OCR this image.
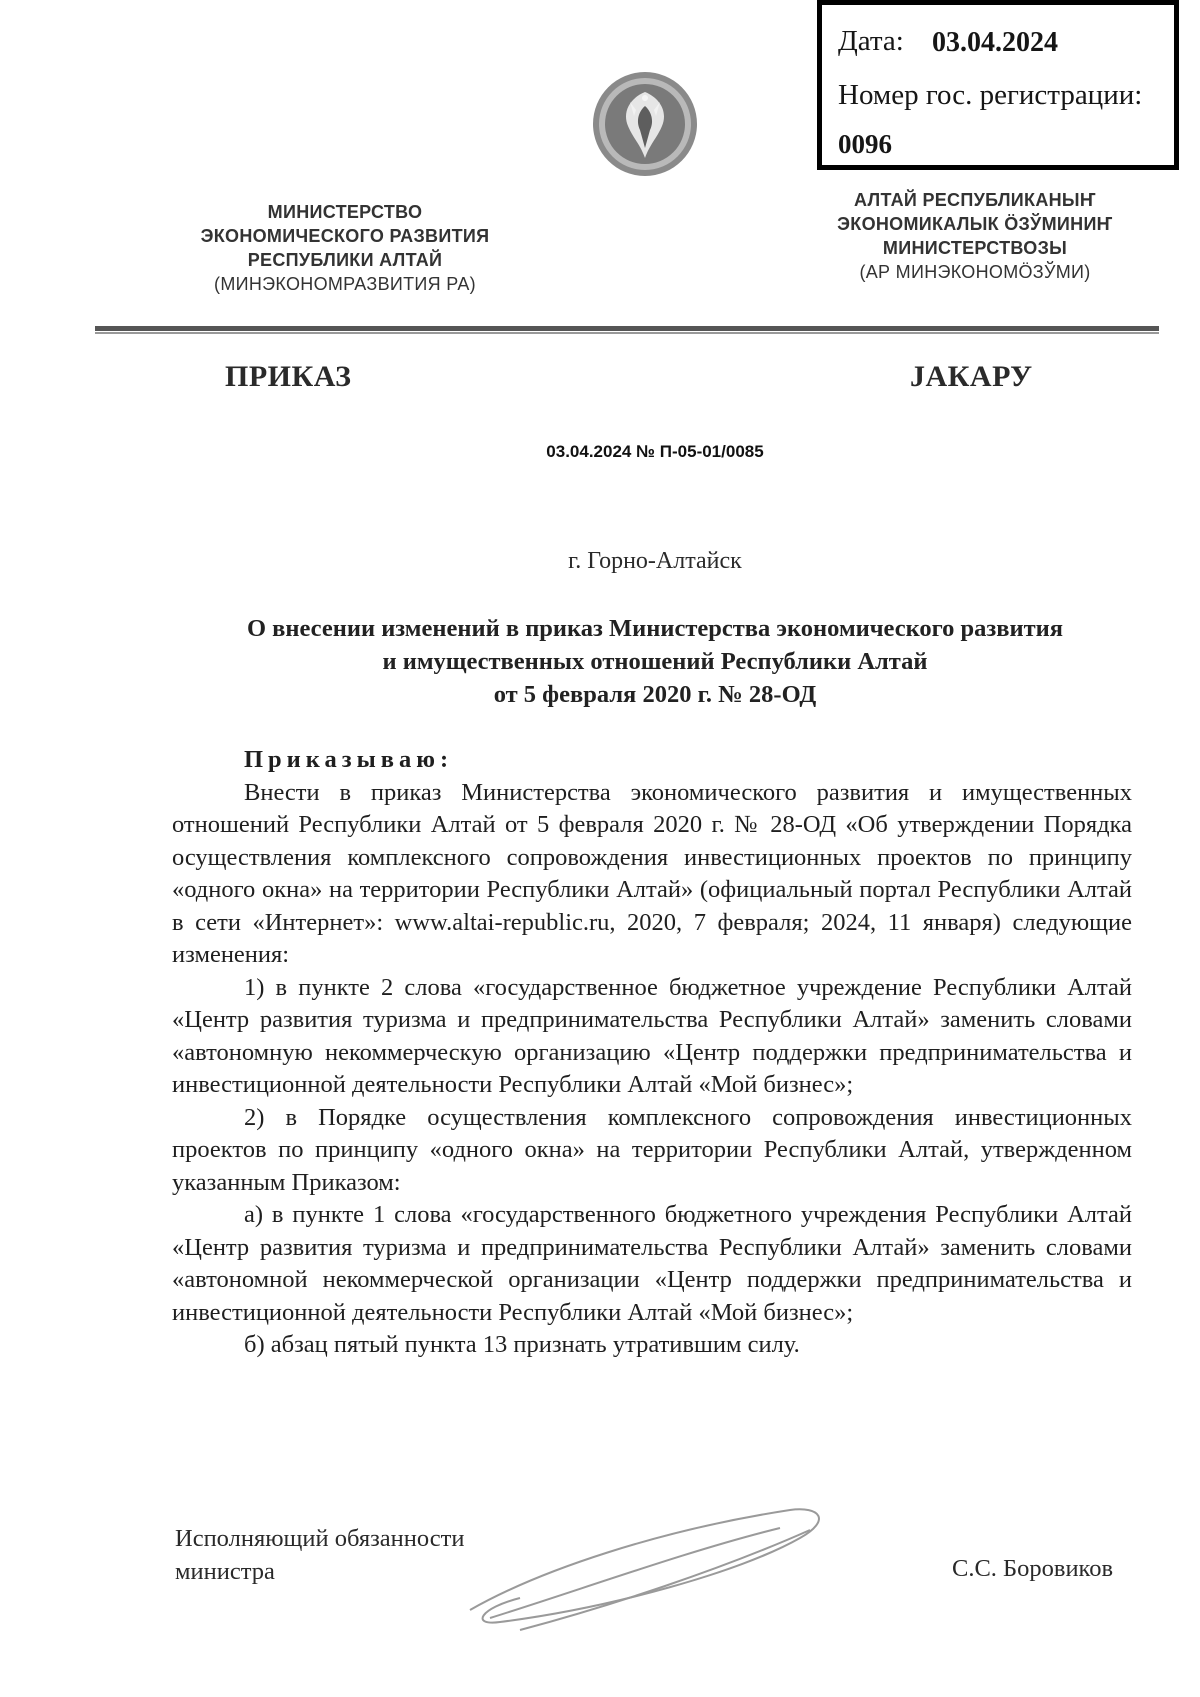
Дата: 03.04.2024
Номер гос. регистрации:
0096
МИНИСТЕРСТВО
ЭКОНОМИЧЕСКОГО РАЗВИТИЯ
РЕСПУБЛИКИ АЛТАЙ
(МИНЭКОНОМРАЗВИТИЯ РА)
АЛТАЙ РЕСПУБЛИКАНЫҤ
ЭКОНОМИКАЛЫК ÖЗЎМИНИҤ
МИНИСТЕРСТВОЗЫ
(АР МИНЭКОНОМÖЗЎМИ)
ПРИКАЗ	JАКАРУ
03.04.2024 № П-05-01/0085
г. Горно-Алтайск
О внесении изменений в приказ Министерства экономического развития
и имущественных отношений Республики Алтай
от 5 февраля 2020 г. № 28-ОД

Приказываю:

Внести в приказ Министерства экономического развития и имущественных отношений Республики Алтай от 5 февраля 2020 г. № 28-ОД «Об утверждении Порядка осуществления комплексного сопровождения инвестиционных проектов по принципу «одного окна» на территории Республики Алтай» (официальный портал Республики Алтай в сети «Интернет»: www.altai-republic.ru, 2020, 7 февраля; 2024, 11 января) следующие изменения:

1) в пункте 2 слова «государственное бюджетное учреждение Республики Алтай «Центр развития туризма и предпринимательства Республики Алтай» заменить словами «автономную некоммерческую организацию «Центр поддержки предпринимательства и инвестиционной деятельности Республики Алтай «Мой бизнес»;

2) в Порядке осуществления комплексного сопровождения инвестиционных проектов по принципу «одного окна» на территории Республики Алтай, утвержденном указанным Приказом:

а) в пункте 1 слова «государственного бюджетного учреждения Республики Алтай «Центр развития туризма и предпринимательства Республики Алтай» заменить словами «автономной некоммерческой организации «Центр поддержки предпринимательства и инвестиционной деятельности Республики Алтай «Мой бизнес»;

б) абзац пятый пункта 13 признать утратившим силу.

Исполняющий обязанности
министра	С.С. Боровиков
